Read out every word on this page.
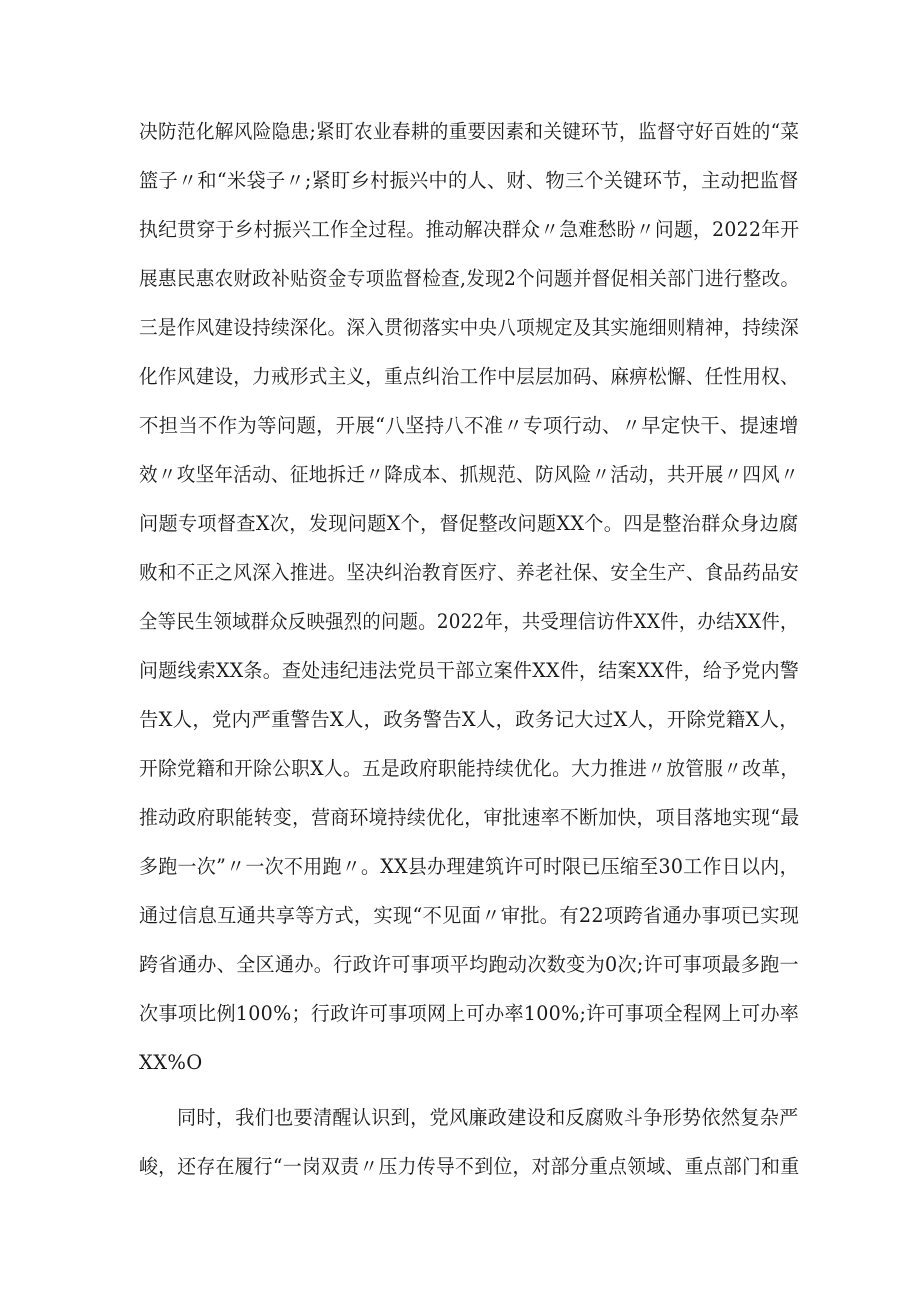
决防范化解风险隐患;紧盯农业春耕的重要因素和关键环节，监督守好百姓的“菜
篮子〃和“米袋子〃;紧盯乡村振兴中的人、财、物三个关键环节，主动把监督
执纪贯穿于乡村振兴工作全过程。推动解决群众〃急难愁盼〃问题，2022年开
展惠民惠农财政补贴资金专项监督检查,发现2个问题并督促相关部门进行整改。
三是作风建设持续深化。深入贯彻落实中央八项规定及其实施细则精神，持续深
化作风建设，力戒形式主义，重点纠治工作中层层加码、麻痹松懈、任性用权、
不担当不作为等问题，开展“八坚持八不准〃专项行动、〃早定快干、提速增
效〃攻坚年活动、征地拆迁〃降成本、抓规范、防风险〃活动，共开展〃四风〃
问题专项督查X次，发现问题X个，督促整改问题XX个。四是整治群众身边腐
败和不正之风深入推进。坚决纠治教育医疗、养老社保、安全生产、食品药品安
全等民生领域群众反映强烈的问题。2022年，共受理信访件XX件，办结XX件，
问题线索XX条。查处违纪违法党员干部立案件XX件，结案XX件，给予党内警
告X人，党内严重警告X人，政务警告X人，政务记大过X人，开除党籍X人，
开除党籍和开除公职X人。五是政府职能持续优化。大力推进〃放管服〃改革，
推动政府职能转变，营商环境持续优化，审批速率不断加快，项目落地实现“最
多跑一次”〃一次不用跑〃。XX县办理建筑许可时限已压缩至30工作日以内，
通过信息互通共享等方式，实现“不见面〃审批。有22项跨省通办事项已实现
跨省通办、全区通办。行政许可事项平均跑动次数变为0次;许可事项最多跑一
次事项比例100%；行政许可事项网上可办率100%;许可事项全程网上可办率
XX%O
同时，我们也要清醒认识到，党风廉政建设和反腐败斗争形势依然复杂严
峻，还存在履行“一岗双责〃压力传导不到位，对部分重点领域、重点部门和重
